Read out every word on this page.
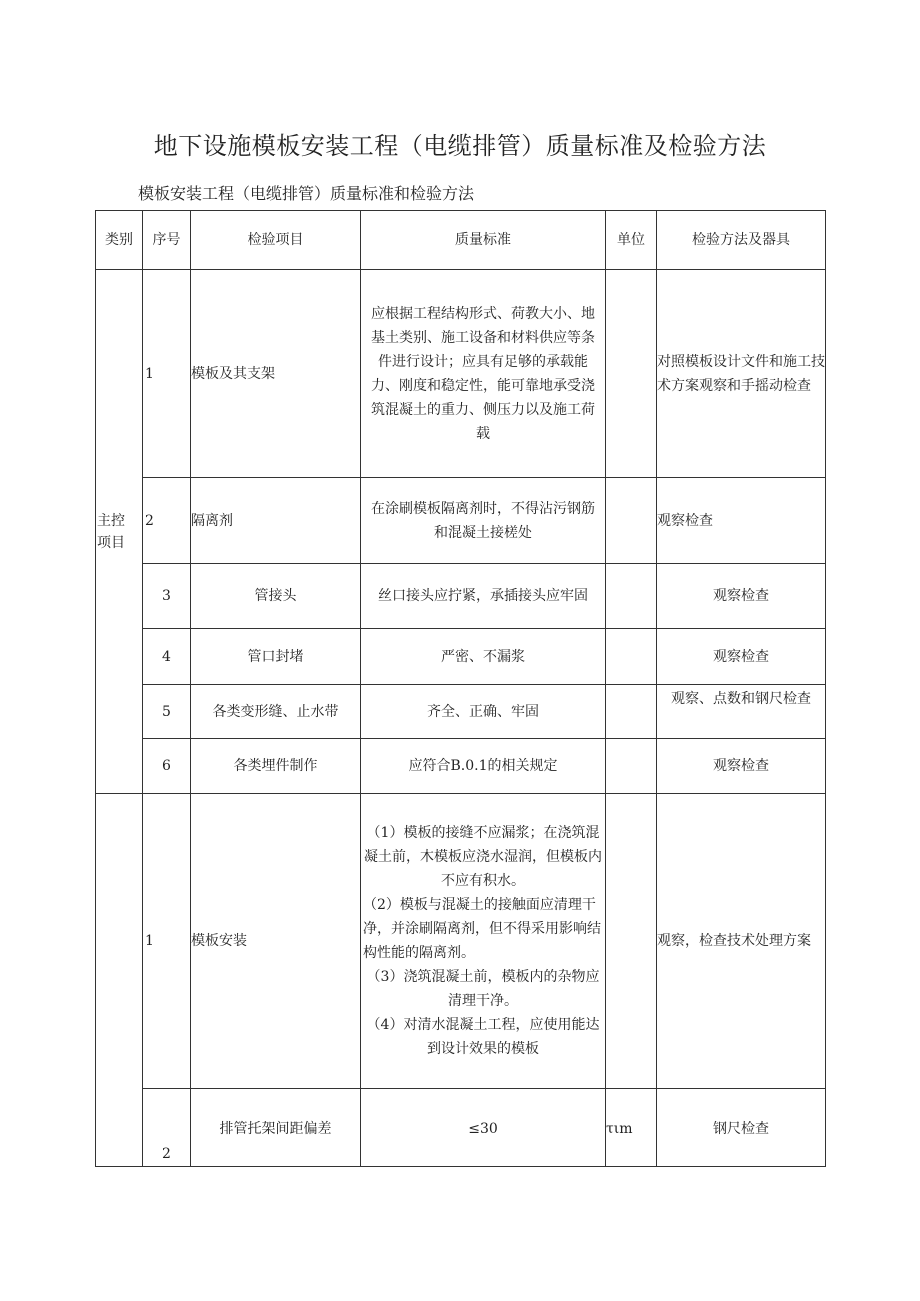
地下设施模板安装工程（电缆排管）质量标准及检验方法
模板安装工程（电缆排管）质量标准和检验方法
类别	序号	检验项目	质量标准	单位	检验方法及器具
主控
项目	1	模板及其支架	应根据工程结构形式、荷教大小、地基土类别、施工设备和材料供应等条件进行设计；应具有足够的承载能力、刚度和稳定性，能可靠地承受浇筑混凝土的重力、侧压力以及施工荷载		对照模板设计文件和施工技术方案观察和手摇动检查
	2	隔离剂	在涂刷模板隔离剂时，不得沾污钢筋和混凝土接槎处		观察检查
	3	管接头	丝口接头应拧紧，承插接头应牢固		观察检查
	4	管口封堵	严密、不漏浆		观察检查
	5	各类变形缝、止水带	齐全、正确、牢固		观察、点数和钢尺检查
	6	各类埋件制作	应符合B.0.1的相关规定		观察检查
	1	模板安装	（1）模板的接缝不应漏浆；在浇筑混凝土前，木模板应浇水湿润，但模板内不应有积水。

（2）模板与混凝土的接触面应清理干净，并涂刷隔离剂，但不得采用影响结构性能的隔离剂。

（3）浇筑混凝土前，模板内的杂物应清理干净。

（4）对清水混凝土工程，应使用能达到设计效果的模板		观察，检查技术处理方案
	2	排管托架间距偏差	≤30	τιm	钢尺检查
